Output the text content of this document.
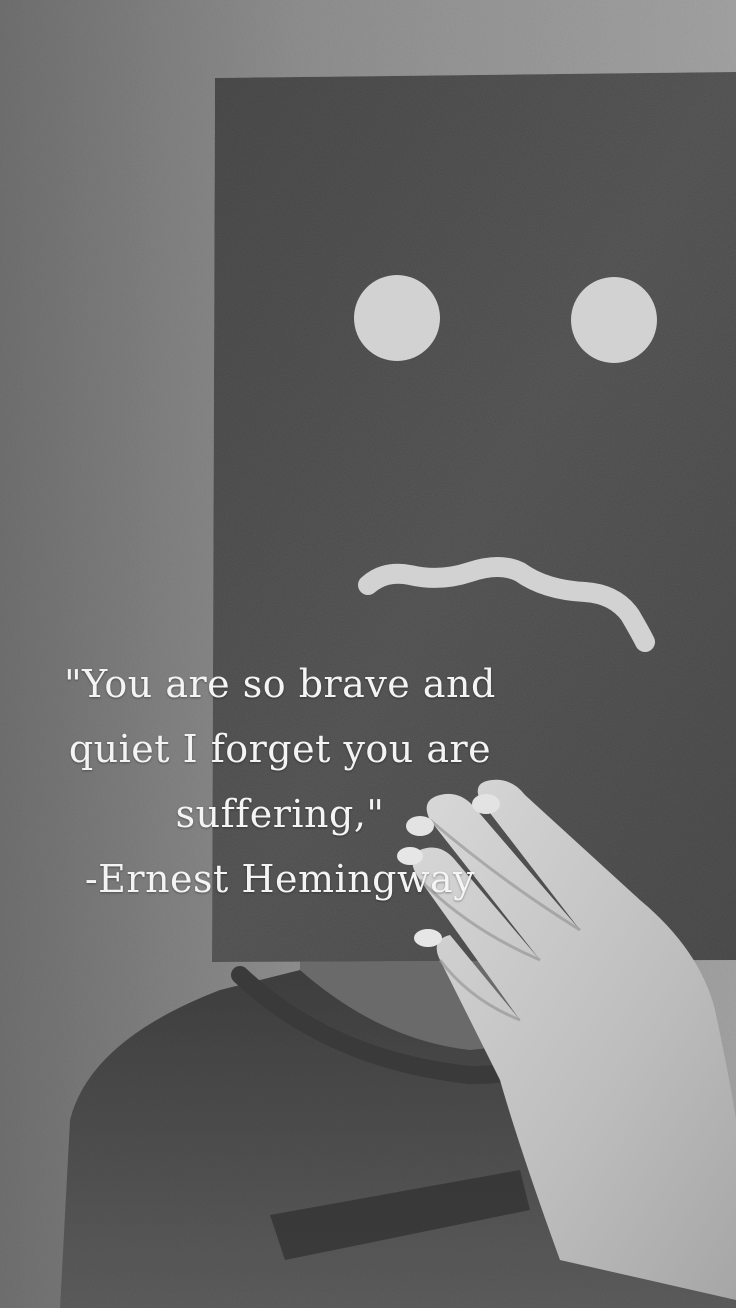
"You are so brave and
quiet I forget you are
suffering,"
-Ernest Hemingway
